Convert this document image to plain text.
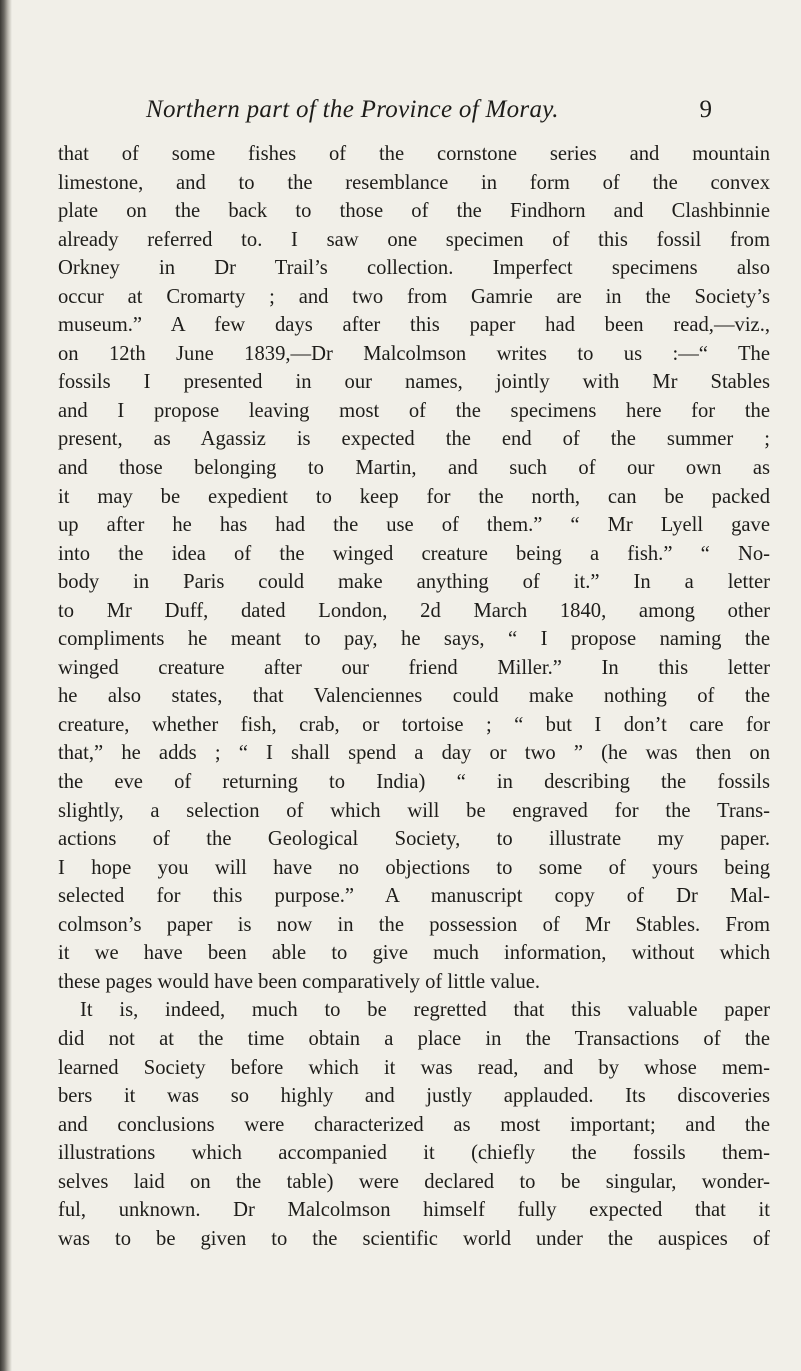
Northern part of the Province of Moray.	9
that of some fishes of the cornstone series and mountain
limestone, and to the resemblance in form of the convex
plate on the back to those of the Findhorn and Clashbinnie
already referred to. I saw one specimen of this fossil from
Orkney in Dr Trail’s collection. Imperfect specimens also
occur at Cromarty ; and two from Gamrie are in the Society’s
museum.” A few days after this paper had been read,—viz.,
on 12th June 1839,—Dr Malcolmson writes to us :—“ The
fossils I presented in our names, jointly with Mr Stables
and I propose leaving most of the specimens here for the
present, as Agassiz is expected the end of the summer ;
and those belonging to Martin, and such of our own as
it may be expedient to keep for the north, can be packed
up after he has had the use of them.” “ Mr Lyell gave
into the idea of the winged creature being a fish.” “ No-
body in Paris could make anything of it.” In a letter
to Mr Duff, dated London, 2d March 1840, among other
compliments he meant to pay, he says, “ I propose naming the
winged creature after our friend Miller.” In this letter
he also states, that Valenciennes could make nothing of the
creature, whether fish, crab, or tortoise ; “ but I don’t care for
that,” he adds ; “ I shall spend a day or two ” (he was then on
the eve of returning to India) “ in describing the fossils
slightly, a selection of which will be engraved for the Trans-
actions of the Geological Society, to illustrate my paper.
I hope you will have no objections to some of yours being
selected for this purpose.” A manuscript copy of Dr Mal-
colmson’s paper is now in the possession of Mr Stables. From
it we have been able to give much information, without which
these pages would have been comparatively of little value.
It is, indeed, much to be regretted that this valuable paper
did not at the time obtain a place in the Transactions of the
learned Society before which it was read, and by whose mem-
bers it was so highly and justly applauded. Its discoveries
and conclusions were characterized as most important; and the
illustrations which accompanied it (chiefly the fossils them-
selves laid on the table) were declared to be singular, wonder-
ful, unknown. Dr Malcolmson himself fully expected that it
was to be given to the scientific world under the auspices of
